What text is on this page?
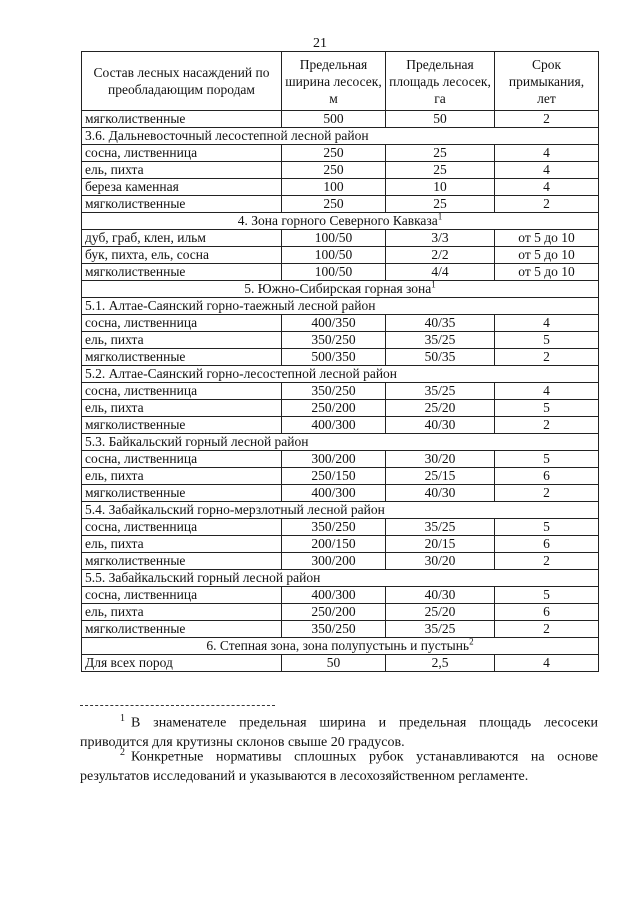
21
Состав лесных насаждений по преобладающим породам	Предельная ширина лесосек, м	Предельная площадь лесосек, га	Срок примыкания, лет
мягколиственные	500	50	2
3.6. Дальневосточный лесостепной лесной район			
сосна, лиственница	250	25	4
ель, пихта	250	25	4
береза каменная	100	10	4
мягколиственные	250	25	2
4. Зона горного Северного Кавказа$^1$
дуб, граб, клен, ильм	100/50	3/3	от 5 до 10
бук, пихта, ель, сосна	100/50	2/2	от 5 до 10
мягколиственные	100/50	4/4	от 5 до 10
5. Южно-Сибирская горная зона$^1$
5.1. Алтае-Саянский горно-таежный лесной район			
сосна, лиственница	400/350	40/35	4
ель, пихта	350/250	35/25	5
мягколиственные	500/350	50/35	2
5.2. Алтае-Саянский горно-лесостепной лесной район			
сосна, лиственница	350/250	35/25	4
ель, пихта	250/200	25/20	5
мягколиственные	400/300	40/30	2
5.3. Байкальский горный лесной район			
сосна, лиственница	300/200	30/20	5
ель, пихта	250/150	25/15	6
мягколиственные	400/300	40/30	2
5.4. Забайкальский горно-мерзлотный лесной район			
сосна, лиственница	350/250	35/25	5
ель, пихта	200/150	20/15	6
мягколиственные	300/200	30/20	2
5.5. Забайкальский горный лесной район			
сосна, лиственница	400/300	40/30	5
ель, пихта	250/200	25/20	6
мягколиственные	350/250	35/25	2
6. Степная зона, зона полупустынь и пустынь$^2$
Для всех пород	50	2,5	4
$^1$ В знаменателе предельная ширина и предельная площадь лесосеки приводится для крутизны склонов свыше 20 градусов.
$^2$ Конкретные нормативы сплошных рубок устанавливаются на основе результатов исследований и указываются в лесохозяйственном регламенте.
